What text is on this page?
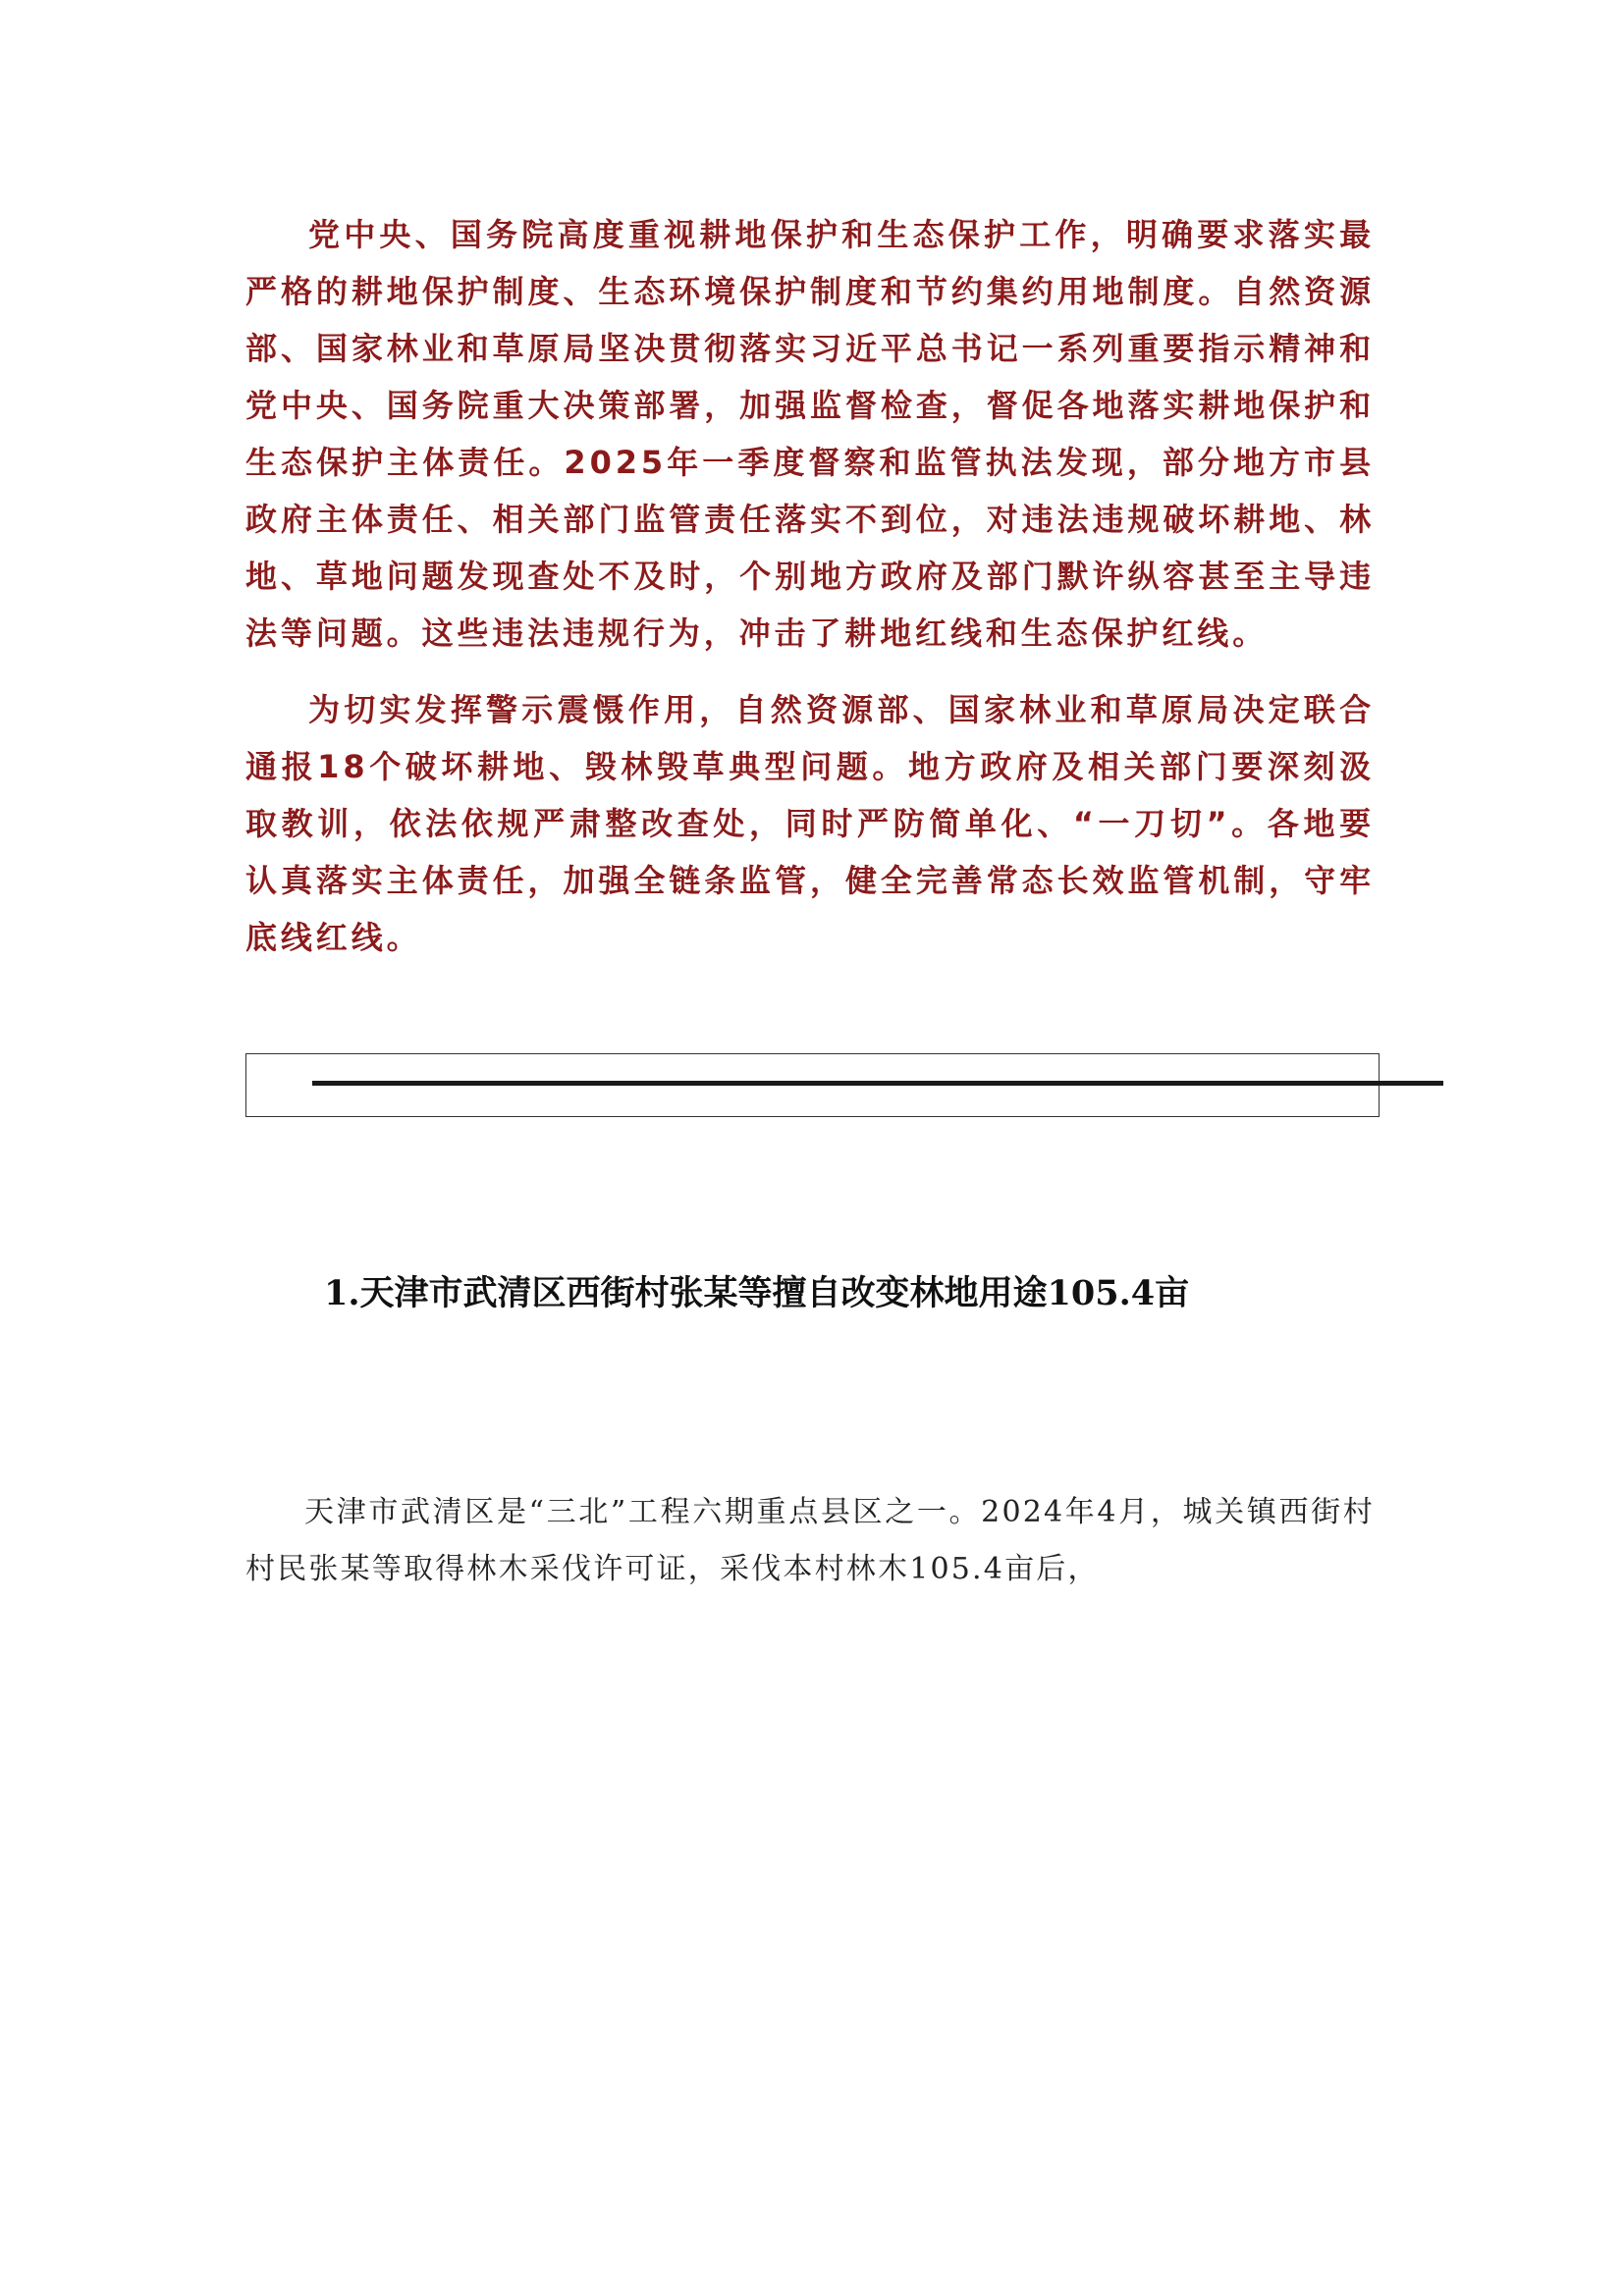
党中央、国务院高度重视耕地保护和生态保护工作，明确要求落实最严格的耕地保护制度、生态环境保护制度和节约集约用地制度。自然资源部、国家林业和草原局坚决贯彻落实习近平总书记一系列重要指示精神和党中央、国务院重大决策部署，加强监督检查，督促各地落实耕地保护和生态保护主体责任。2025年一季度督察和监管执法发现，部分地方市县政府主体责任、相关部门监管责任落实不到位，对违法违规破坏耕地、林地、草地问题发现查处不及时，个别地方政府及部门默许纵容甚至主导违法等问题。这些违法违规行为，冲击了耕地红线和生态保护红线。

为切实发挥警示震慑作用，自然资源部、国家林业和草原局决定联合通报18个破坏耕地、毁林毁草典型问题。地方政府及相关部门要深刻汲取教训，依法依规严肃整改查处，同时严防简单化、“一刀切”。各地要认真落实主体责任，加强全链条监管，健全完善常态长效监管机制，守牢底线红线。

1.天津市武清区西街村张某等擅自改变林地用途105.4亩

天津市武清区是“三北”工程六期重点县区之一。2024年4月，城关镇西街村村民张某等取得林木采伐许可证，采伐本村林木105.4亩后，
